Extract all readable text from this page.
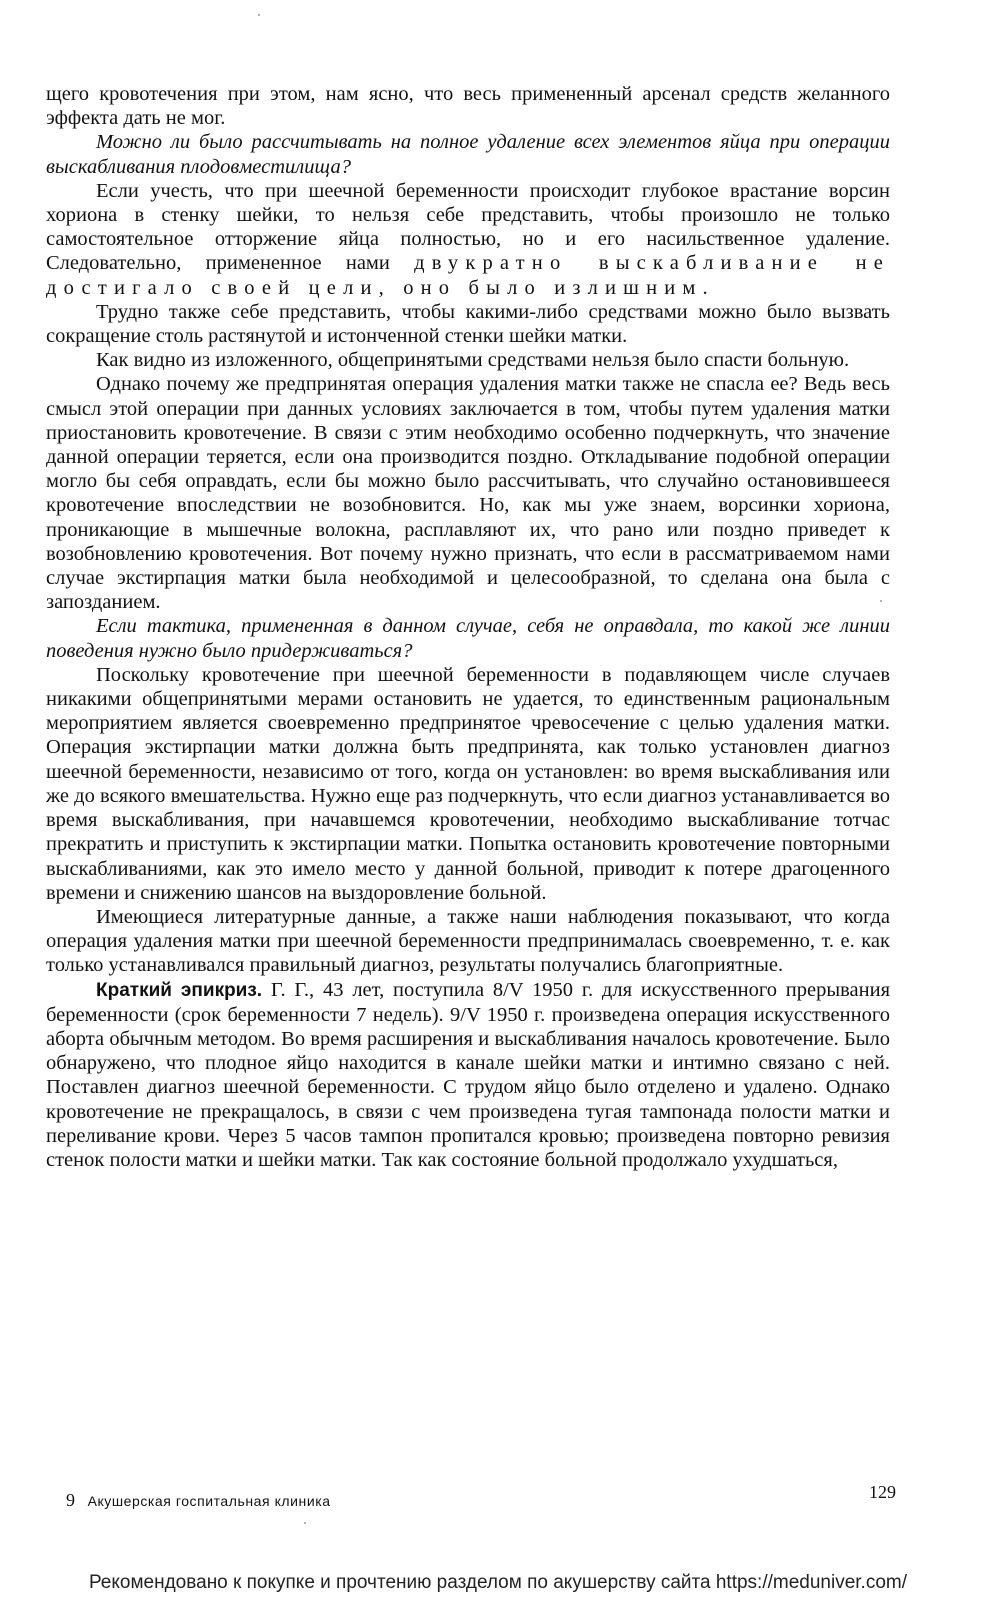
щего кровотечения при этом, нам ясно, что весь примененный арсенал средств желанного эффекта дать не мог.

Можно ли было рассчитывать на полное удаление всех элементов яйца при операции выскабливания плодовместилища?

Если учесть, что при шеечной беременности происходит глубокое врастание ворсин хориона в стенку шейки, то нельзя себе представить, чтобы произошло не только самостоятельное отторжение яйца полностью, но и его насильственное удаление. Следовательно, примененное нами двукратно выскабливание не достигало своей цели, оно было излишним.

Трудно также себе представить, чтобы какими-либо средствами можно было вызвать сокращение столь растянутой и истонченной стенки шейки матки.

Как видно из изложенного, общепринятыми средствами нельзя было спасти больную.

Однако почему же предпринятая операция удаления матки также не спасла ее? Ведь весь смысл этой операции при данных условиях заключается в том, чтобы путем удаления матки приостановить кровотечение. В связи с этим необходимо особенно подчеркнуть, что значение данной операции теряется, если она производится поздно. Откладывание подобной операции могло бы себя оправдать, если бы можно было рассчитывать, что случайно остановившееся кровотечение впоследствии не возобновится. Но, как мы уже знаем, ворсинки хориона, проникающие в мышечные волокна, расплавляют их, что рано или поздно приведет к возобновлению кровотечения. Вот почему нужно признать, что если в рассматриваемом нами случае экстирпация матки была необходимой и целесообразной, то сделана она была с запозданием.

Если тактика, примененная в данном случае, себя не оправдала, то какой же линии поведения нужно было придерживаться?

Поскольку кровотечение при шеечной беременности в подавляющем числе случаев никакими общепринятыми мерами остановить не удается, то единственным рациональным мероприятием является своевременно предпринятое чревосечение с целью удаления матки. Операция экстирпации матки должна быть предпринята, как только установлен диагноз шеечной беременности, независимо от того, когда он установлен: во время выскабливания или же до всякого вмешательства. Нужно еще раз подчеркнуть, что если диагноз устанавливается во время выскабливания, при начавшемся кровотечении, необходимо выскабливание тотчас прекратить и приступить к экстирпации матки. Попытка остановить кровотечение повторными выскабливаниями, как это имело место у данной больной, приводит к потере драгоценного времени и снижению шансов на выздоровление больной.

Имеющиеся литературные данные, а также наши наблюдения показывают, что когда операция удаления матки при шеечной беременности предпринималась своевременно, т. е. как только устанавливался правильный диагноз, результаты получались благоприятные.

Краткий эпикриз. Г. Г., 43 лет, поступила 8/V 1950 г. для искусственного прерывания беременности (срок беременности 7 недель). 9/V 1950 г. произведена операция искусственного аборта обычным методом. Во время расширения и выскабливания началось кровотечение. Было обнаружено, что плодное яйцо находится в канале шейки матки и интимно связано с ней. Поставлен диагноз шеечной беременности. С трудом яйцо было отделено и удалено. Однако кровотечение не прекращалось, в связи с чем произведена тугая тампонада полости матки и переливание крови. Через 5 часов тампон пропитался кровью; произведена повторно ревизия стенок полости матки и шейки матки. Так как состояние больной продолжало ухудшаться,

9 Акушерская госпитальная клиника	129
Рекомендовано к покупке и прочтению разделом по акушерству сайта https://meduniver.com/
